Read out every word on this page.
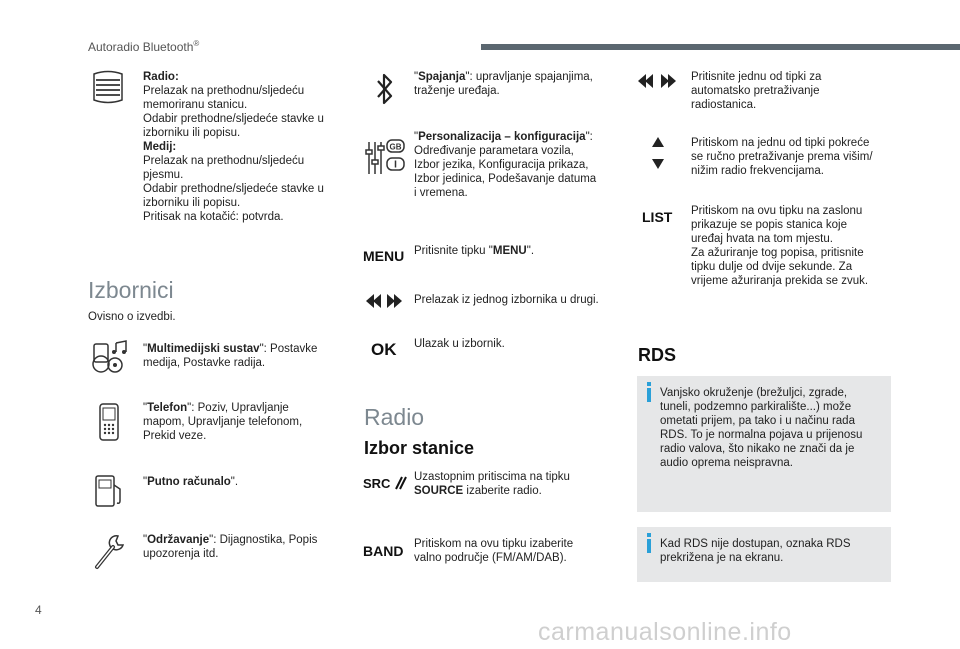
Autoradio Bluetooth®
Radio:
Prelazak na prethodnu/sljedeću
memoriranu stanicu.
Odabir prethodne/sljedeće stavke u
izborniku ili popisu.
Medij:
Prelazak na prethodnu/sljedeću
pjesmu.
Odabir prethodne/sljedeće stavke u
izborniku ili popisu.
Pritisak na kotačić: potvrda.
Izbornici
Ovisno o izvedbi.
"Multimedijski sustav": Postavke
medija, Postavke radija.
"Telefon": Poziv, Upravljanje
mapom, Upravljanje telefonom,
Prekid veze.
"Putno računalo".
"Održavanje": Dijagnostika, Popis
upozorenja itd.
"Spajanja": upravljanje spajanjima,
traženje uređaja.
GB
"Personalizacija – konfiguracija":
Određivanje parametara vozila,
Izbor jezika, Konfiguracija prikaza,
Izbor jedinica, Podešavanje datuma
i vremena.
MENU Pritisnite tipku "MENU".
Prelazak iz jednog izbornika u drugi.
OK Ulazak u izbornik.
Radio
Izbor stanice
SRC Uzastopnim pritiscima na tipku
SOURCE izaberite radio.
BAND Pritiskom na ovu tipku izaberite
valno područje (FM/AM/DAB).
Pritisnite jednu od tipki za
automatsko pretraživanje
radiostanica.
Pritiskom na jednu od tipki pokreće
se ručno pretraživanje prema višim/
nižim radio frekvencijama.
LIST Pritiskom na ovu tipku na zaslonu
prikazuje se popis stanica koje
uređaj hvata na tom mjestu.
Za ažuriranje tog popisa, pritisnite
tipku dulje od dvije sekunde. Za
vrijeme ažuriranja prekida se zvuk.
RDS
Vanjsko okruženje (brežuljci, zgrade,
tuneli, podzemno parkiralište...) može
ometati prijem, pa tako i u načinu rada
RDS. To je normalna pojava u prijenosu
radio valova, što nikako ne znači da je
audio oprema neispravna.
Kad RDS nije dostupan, oznaka RDS
prekrižena je na ekranu.
4
carmanualsonline.info
